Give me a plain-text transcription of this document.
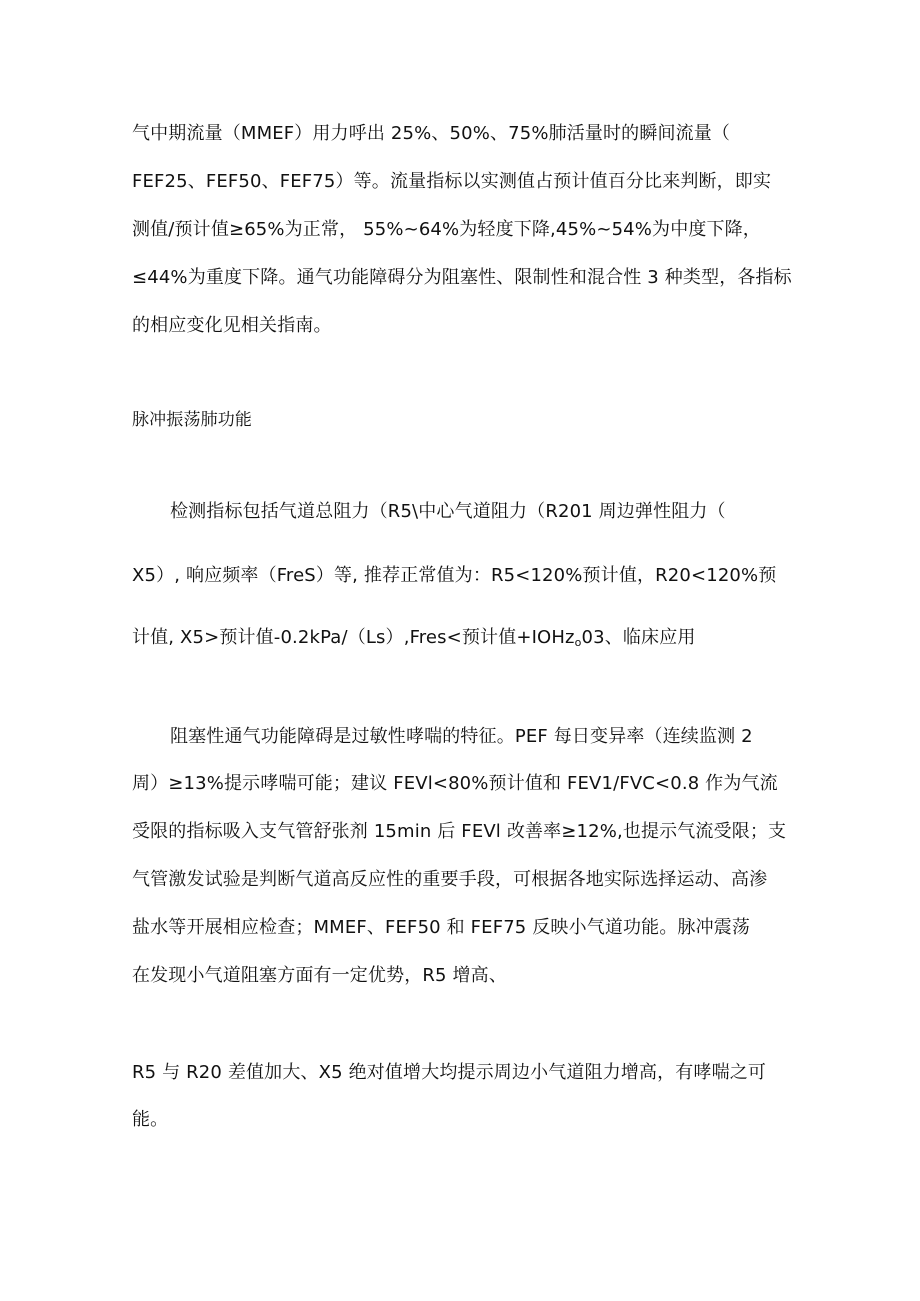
气中期流量（MMEF）用力呼出 25%、50%、75%肺活量时的瞬间流量（

FEF25、FEF50、FEF75）等。流量指标以实测值占预计值百分比来判断，即实

测值/预计值≥65%为正常， 55%~64%为轻度下降,45%~54%为中度下降，

≤44%为重度下降。通气功能障碍分为阻塞性、限制性和混合性 3 种类型，各指标

的相应变化见相关指南。

脉冲振荡肺功能

检测指标包括气道总阻力（R5\中心气道阻力（R201 周边弹性阻力（

X5）, 响应频率（FreS）等, 推荐正常值为：R5<120%预计值，R20<120%预

计值, X5>预计值-0.2kPa/（Ls）,Fres<预计值+IOHz$_o$03、临床应用

阻塞性通气功能障碍是过敏性哮喘的特征。PEF 每日变异率（连续监测 2

周）≥13%提示哮喘可能；建议 FEVl<80%预计值和 FEV1/FVC<0.8 作为气流

受限的指标吸入支气管舒张剂 15min 后 FEVl 改善率≥12%,也提示气流受限；支

气管激发试验是判断气道高反应性的重要手段，可根据各地实际选择运动、高渗

盐水等开展相应检查；MMEF、FEF50 和 FEF75 反映小气道功能。脉冲震荡

在发现小气道阻塞方面有一定优势，R5 增高、

R5 与 R20 差值加大、X5 绝对值增大均提示周边小气道阻力增高，有哮喘之可

能。
